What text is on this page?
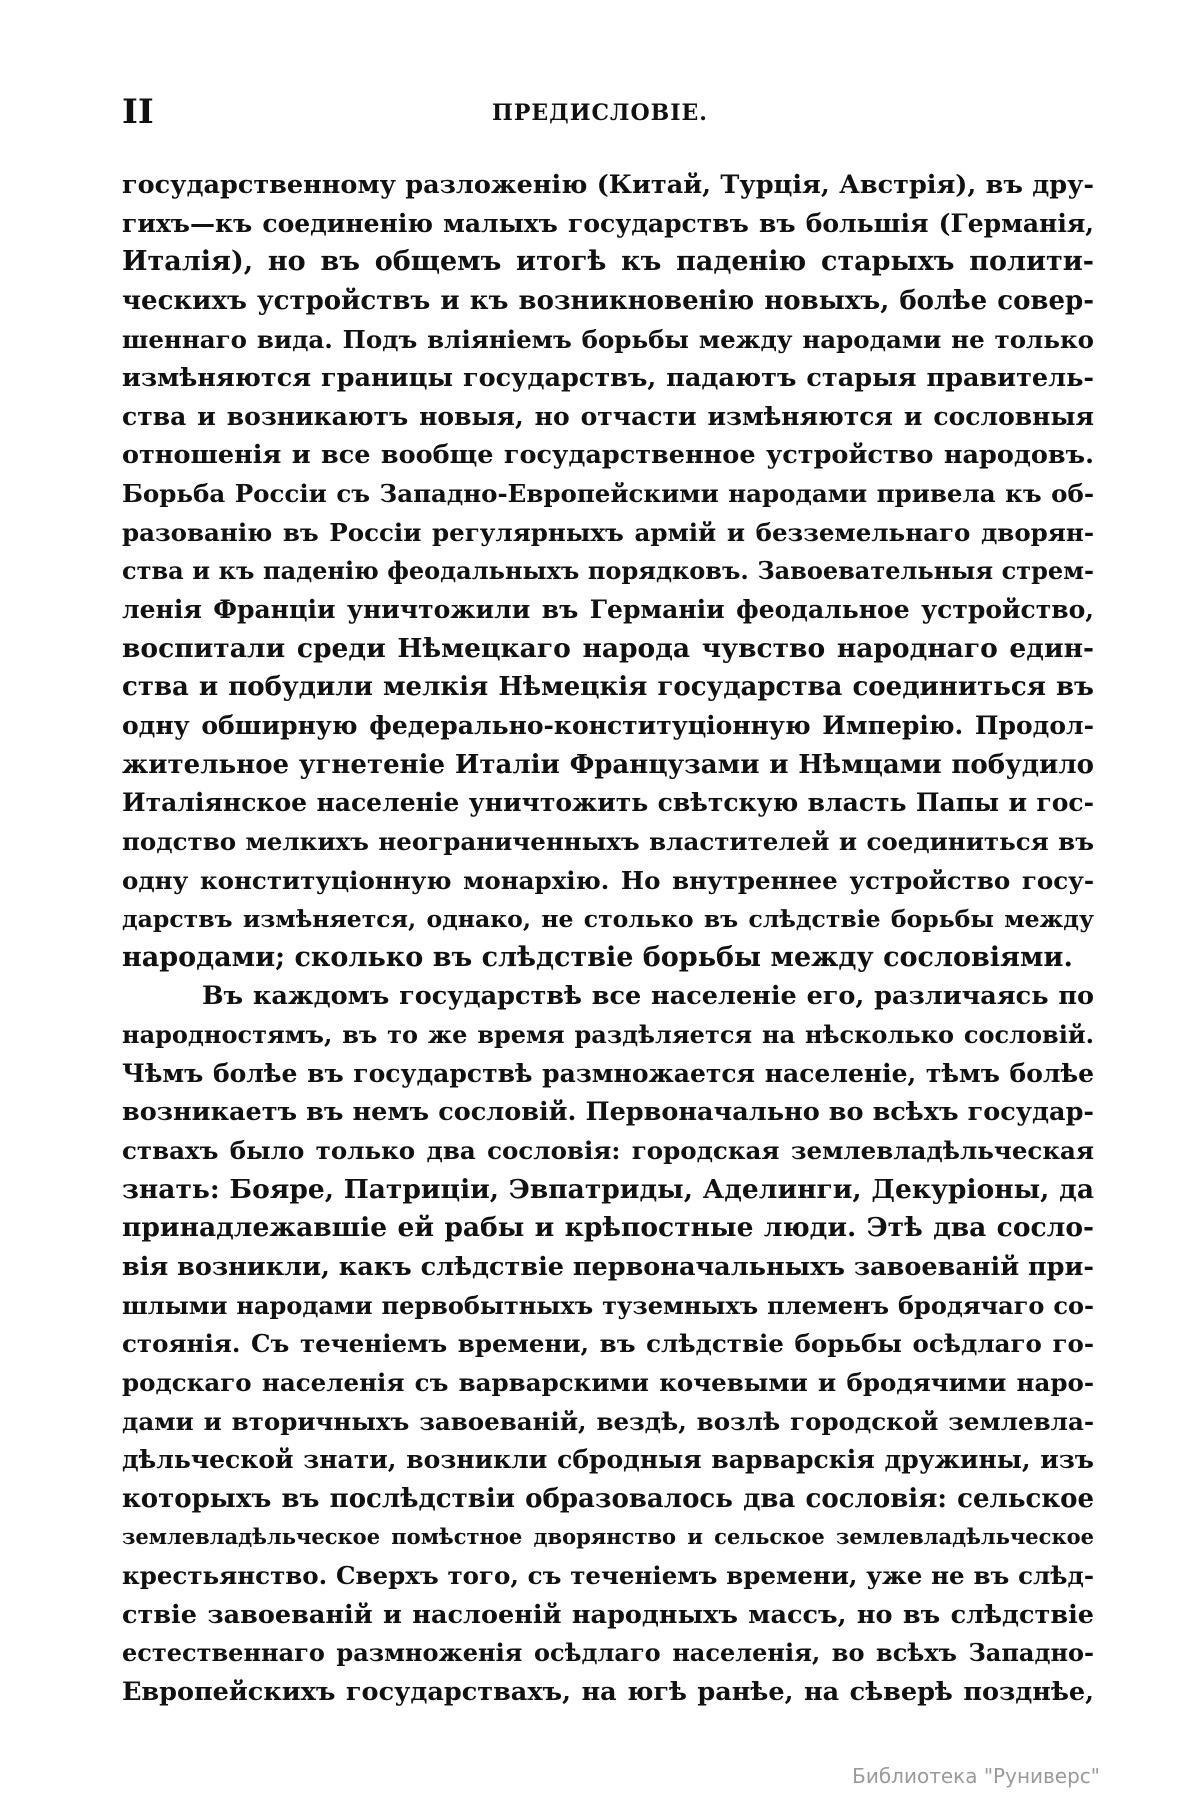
II	ПРЕДИСЛОВІЕ.
государственному разложенію (Китай, Турція, Австрія), въ дру-
гихъ—къ соединенію малыхъ государствъ въ большія (Германія,
Италія), но въ общемъ итогѣ къ паденію старыхъ полити-
ческихъ устройствъ и къ возникновенію новыхъ, болѣе совер-
шеннаго вида. Подъ вліяніемъ борьбы между народами не только
измѣняются границы государствъ, падаютъ старыя правитель-
ства и возникаютъ новыя, но отчасти измѣняются и сословныя
отношенія и все вообще государственное устройство народовъ.
Борьба Россіи съ Западно-Европейскими народами привела къ об-
разованію въ Россіи регулярныхъ армій и безземельнаго дворян-
ства и къ паденію феодальныхъ порядковъ. Завоевательныя стрем-
ленія Франціи уничтожили въ Германіи феодальное устройство,
воспитали среди Нѣмецкаго народа чувство народнаго един-
ства и побудили мелкія Нѣмецкія государства соединиться въ
одну обширную федерально-конституціонную Имперію. Продол-
жительное угнетеніе Италіи Французами и Нѣмцами побудило
Италіянское населеніе уничтожить свѣтскую власть Папы и гос-
подство мелкихъ неограниченныхъ властителей и соединиться въ
одну конституціонную монархію. Но внутреннее устройство госу-
дарствъ измѣняется, однако, не столько въ слѣдствіе борьбы между
народами; сколько въ слѣдствіе борьбы между сословіями.
Въ каждомъ государствѣ все населеніе его, различаясь по
народностямъ, въ то же время раздѣляется на нѣсколько сословій.
Чѣмъ болѣе въ государствѣ размножается населеніе, тѣмъ болѣе
возникаетъ въ немъ сословій. Первоначально во всѣхъ государ-
ствахъ было только два сословія: городская землевладѣльческая
знать: Бояре, Патриціи, Эвпатриды, Аделинги, Декуріоны, да
принадлежавшіе ей рабы и крѣпостные люди. Этѣ два сосло-
вія возникли, какъ слѣдствіе первоначальныхъ завоеваній при-
шлыми народами первобытныхъ туземныхъ племенъ бродячаго со-
стоянія. Съ теченіемъ времени, въ слѣдствіе борьбы осѣдлаго го-
родскаго населенія съ варварскими кочевыми и бродячими наро-
дами и вторичныхъ завоеваній, вездѣ, возлѣ городской землевла-
дѣльческой знати, возникли сбродныя варварскія дружины, изъ
которыхъ въ послѣдствіи образовалось два сословія: сельское
землевладѣльческое помѣстное дворянство и сельское землевладѣльческое
крестьянство. Сверхъ того, съ теченіемъ времени, уже не въ слѣд-
ствіе завоеваній и наслоеній народныхъ массъ, но въ слѣдствіе
естественнаго размноженія осѣдлаго населенія, во всѣхъ Западно-
Европейскихъ государствахъ, на югѣ ранѣе, на сѣверѣ позднѣе,
Библиотека "Руниверс"
